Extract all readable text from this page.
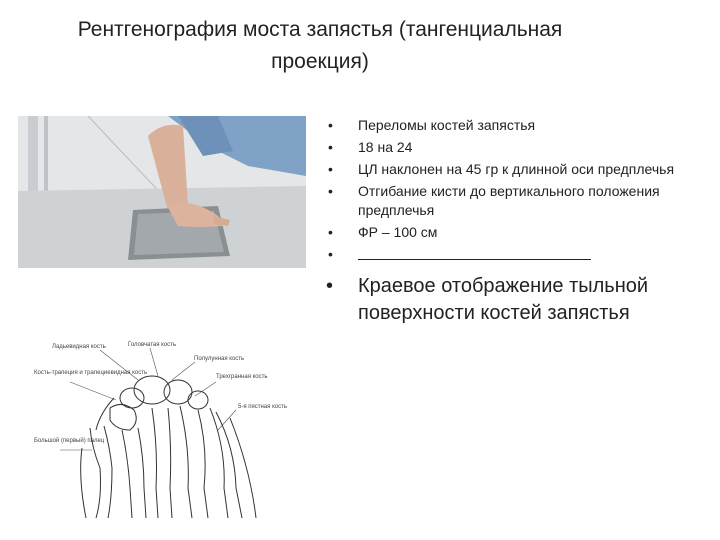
Рентгенография моста запястья (тангенциальная
проекция)
• Переломы костей запястья
• 18 на 24
• ЦЛ наклонен на 45 гр к длинной оси предплечья
• Отгибание кисти до вертикального положения предплечья
• ФР – 100 см
•
• Краевое отображение тыльной поверхности костей запястья
Ладьевидная кость	Головчатая кость
Полулунная кость
Кость-трапеция и трапециевидная кость
Трехгранная кость
5-я пястная кость
Большой (первый) палец
